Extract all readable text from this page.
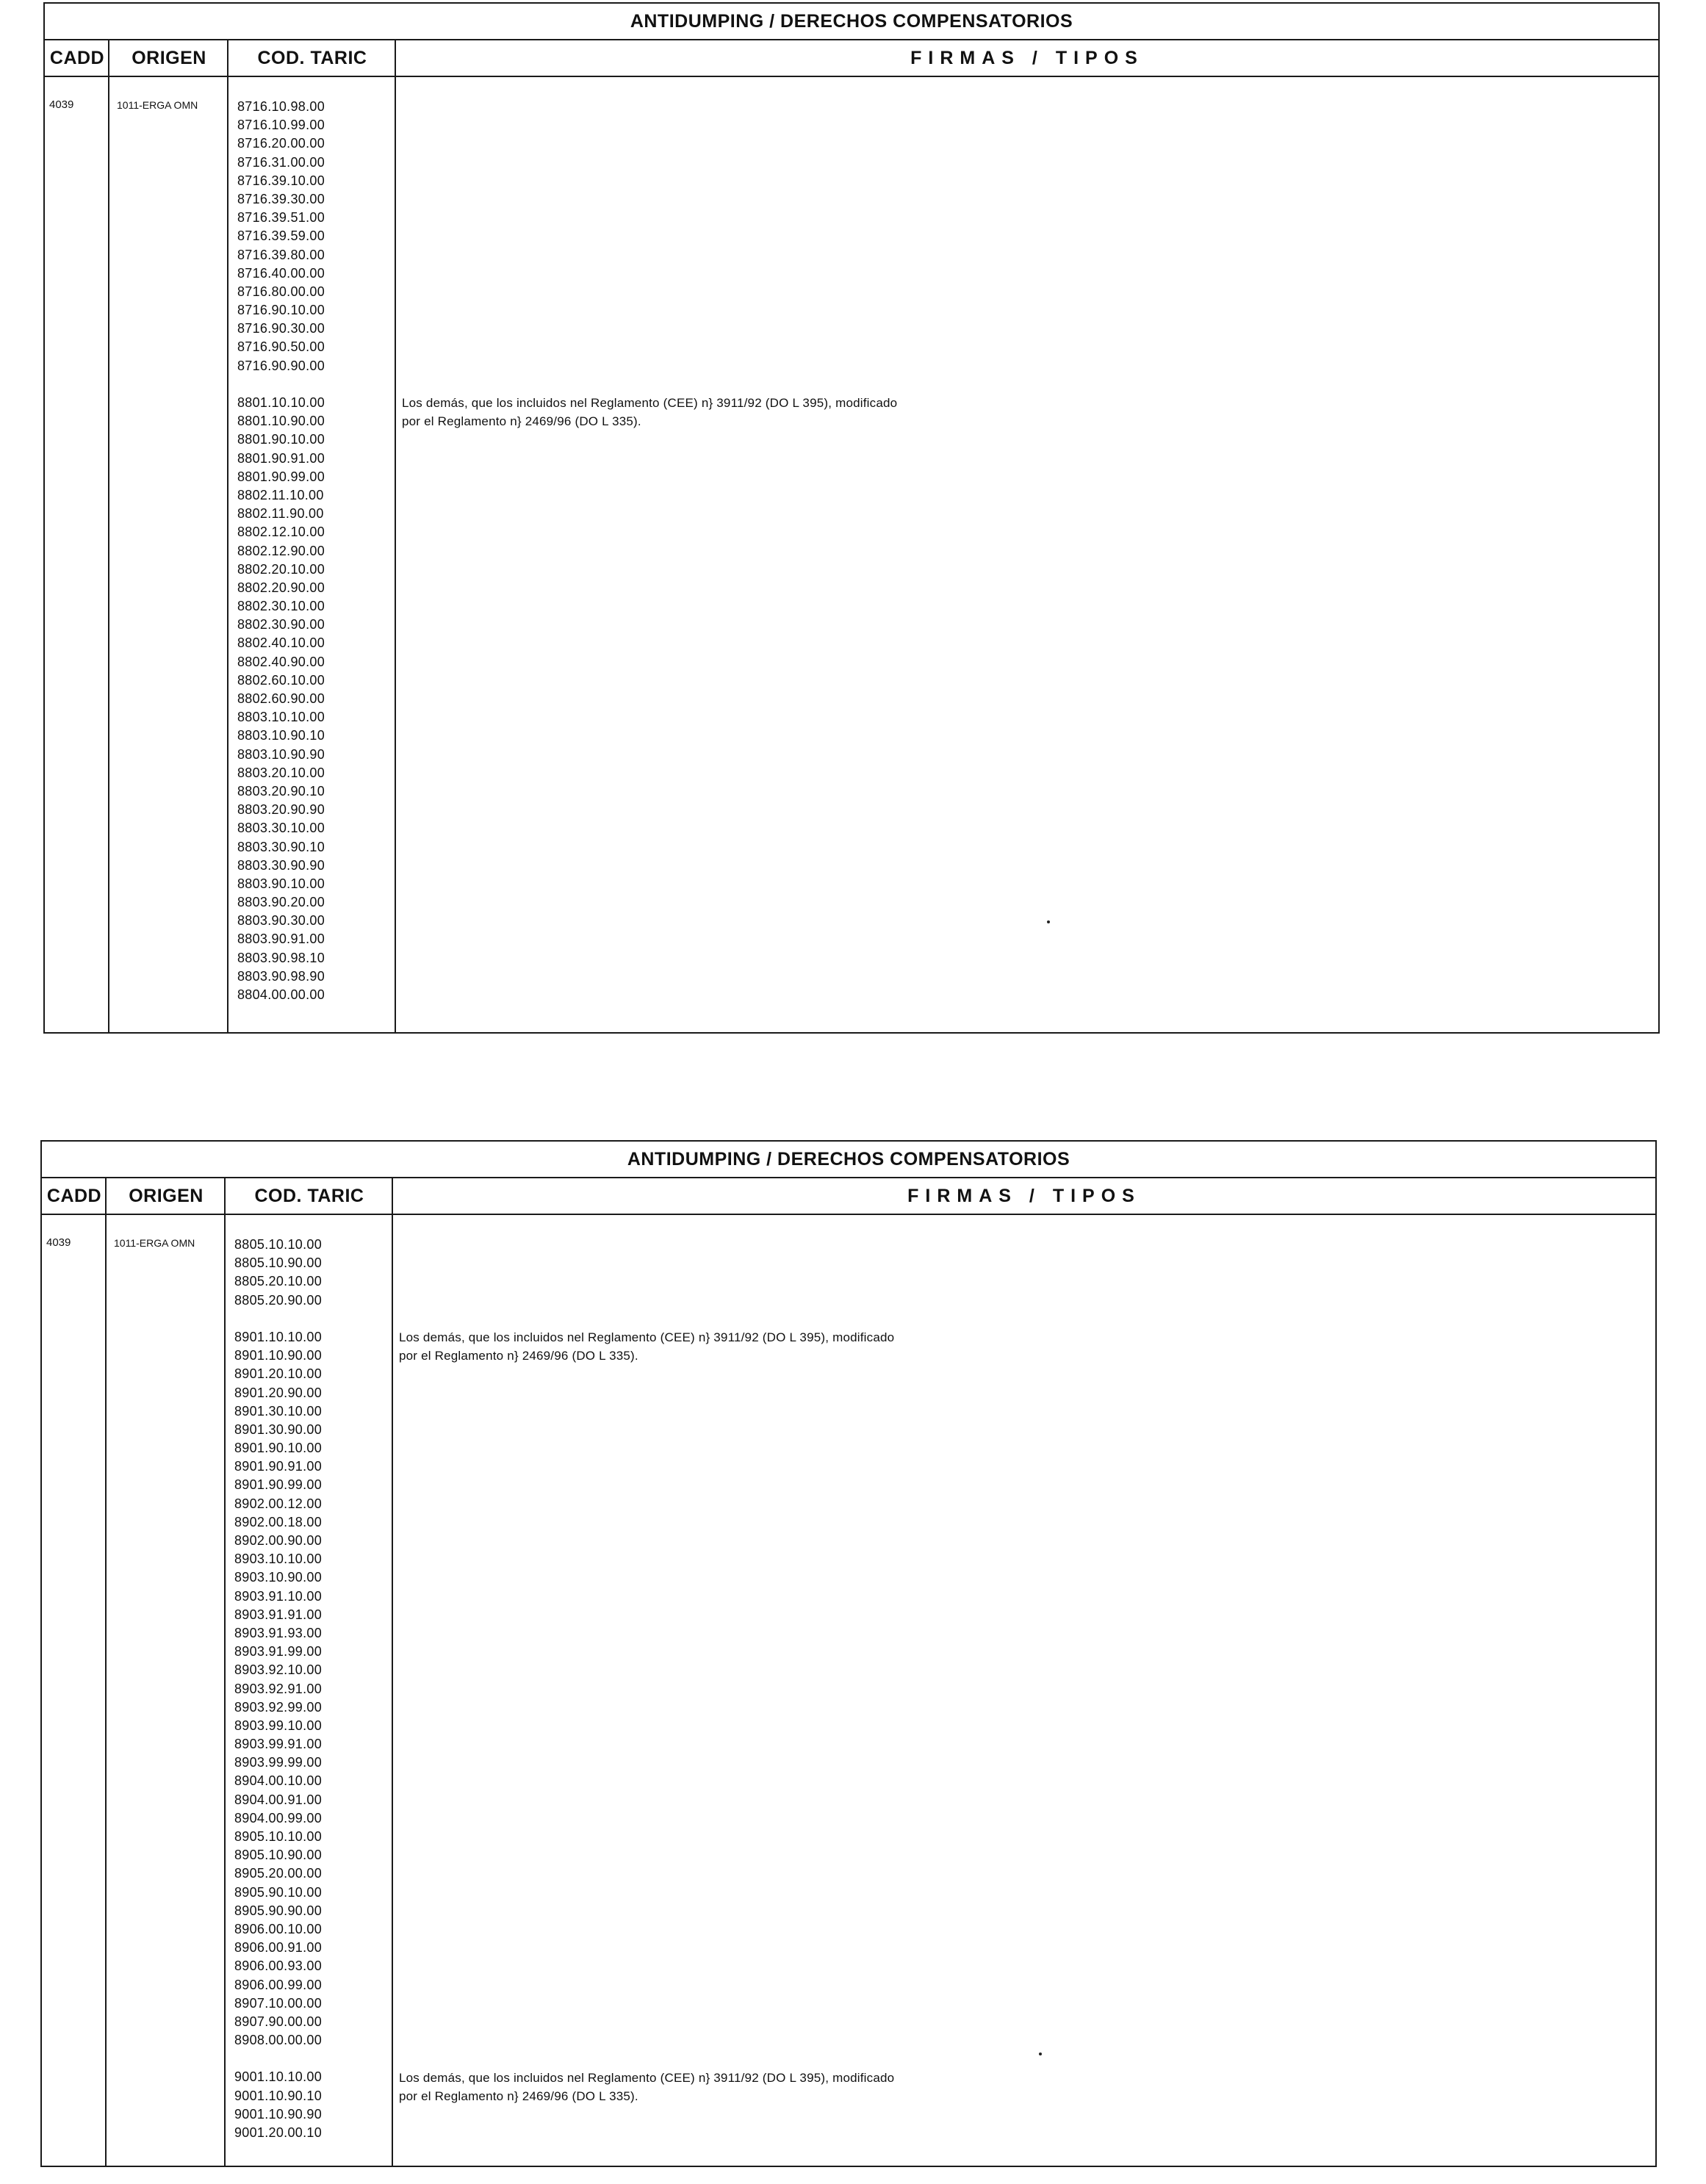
ANTIDUMPING / DERECHOS COMPENSATORIOS
CADD	ORIGEN	COD. TARIC	FIRMAS / TIPOS
4039	1011-ERGA OMN	8716.10.98.00
8716.10.99.00
8716.20.00.00
8716.31.00.00
8716.39.10.00
8716.39.30.00
8716.39.51.00
8716.39.59.00
8716.39.80.00
8716.40.00.00
8716.80.00.00
8716.90.10.00
8716.90.30.00
8716.90.50.00
8716.90.90.00
8801.10.10.00
8801.10.90.00
8801.90.10.00
8801.90.91.00
8801.90.99.00
8802.11.10.00
8802.11.90.00
8802.12.10.00
8802.12.90.00
8802.20.10.00
8802.20.90.00
8802.30.10.00
8802.30.90.00
8802.40.10.00
8802.40.90.00
8802.60.10.00
8802.60.90.00
8803.10.10.00
8803.10.90.10
8803.10.90.90
8803.20.10.00
8803.20.90.10
8803.20.90.90
8803.30.10.00
8803.30.90.10
8803.30.90.90
8803.90.10.00
8803.90.20.00
8803.90.30.00
8803.90.91.00
8803.90.98.10
8803.90.98.90
8804.00.00.00
Los demás, que los incluidos nel Reglamento (CEE) n} 3911/92 (DO L 395), modificado
por el Reglamento n} 2469/96 (DO L 335).
ANTIDUMPING / DERECHOS COMPENSATORIOS
CADD	ORIGEN	COD. TARIC	FIRMAS / TIPOS
4039	1011-ERGA OMN	8805.10.10.00
8805.10.90.00
8805.20.10.00
8805.20.90.00
8901.10.10.00
8901.10.90.00
8901.20.10.00
8901.20.90.00
8901.30.10.00
8901.30.90.00
8901.90.10.00
8901.90.91.00
8901.90.99.00
8902.00.12.00
8902.00.18.00
8902.00.90.00
8903.10.10.00
8903.10.90.00
8903.91.10.00
8903.91.91.00
8903.91.93.00
8903.91.99.00
8903.92.10.00
8903.92.91.00
8903.92.99.00
8903.99.10.00
8903.99.91.00
8903.99.99.00
8904.00.10.00
8904.00.91.00
8904.00.99.00
8905.10.10.00
8905.10.90.00
8905.20.00.00
8905.90.10.00
8905.90.90.00
8906.00.10.00
8906.00.91.00
8906.00.93.00
8906.00.99.00
8907.10.00.00
8907.90.00.00
8908.00.00.00
9001.10.10.00
9001.10.90.10
9001.10.90.90
9001.20.00.10
Los demás, que los incluidos nel Reglamento (CEE) n} 3911/92 (DO L 395), modificado
por el Reglamento n} 2469/96 (DO L 335).
Los demás, que los incluidos nel Reglamento (CEE) n} 3911/92 (DO L 395), modificado
por el Reglamento n} 2469/96 (DO L 335).
